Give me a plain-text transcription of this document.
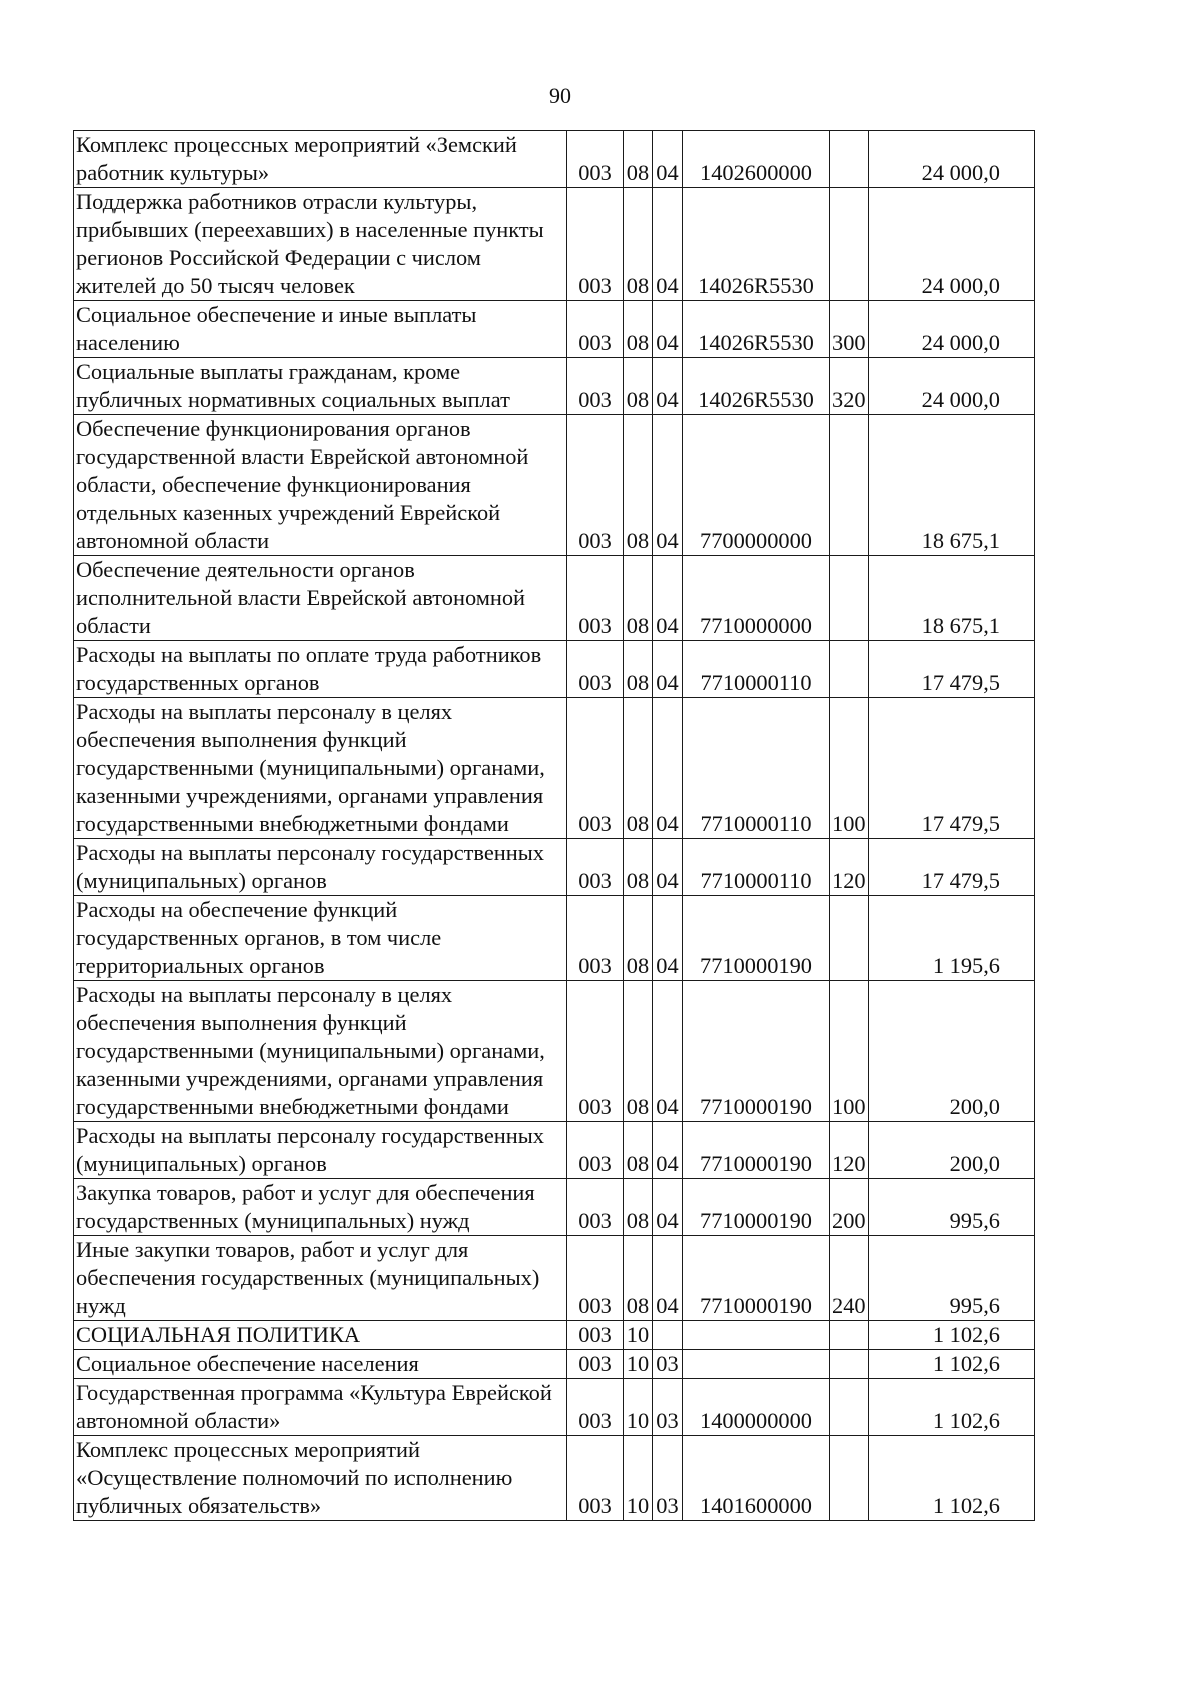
90
Комплекс процессных мероприятий «Земский работник культуры»	003	08	04	1402600000		24 000,0
Поддержка работников отрасли культуры, прибывших (переехавших) в населенные пункты регионов Российской Федерации с числом жителей до 50 тысяч человек	003	08	04	14026R5530		24 000,0
Социальное обеспечение и иные выплаты населению	003	08	04	14026R5530	300	24 000,0
Социальные выплаты гражданам, кроме публичных нормативных социальных выплат	003	08	04	14026R5530	320	24 000,0
Обеспечение функционирования органов государственной власти Еврейской автономной области, обеспечение функционирования отдельных казенных учреждений Еврейской автономной области	003	08	04	7700000000		18 675,1
Обеспечение деятельности органов исполнительной власти Еврейской автономной области	003	08	04	7710000000		18 675,1
Расходы на выплаты по оплате труда работников государственных органов	003	08	04	7710000110		17 479,5
Расходы на выплаты персоналу в целях обеспечения выполнения функций государственными (муниципальными) органами, казенными учреждениями, органами управления государственными внебюджетными фондами	003	08	04	7710000110	100	17 479,5
Расходы на выплаты персоналу государственных (муниципальных) органов	003	08	04	7710000110	120	17 479,5
Расходы на обеспечение функций государственных органов, в том числе территориальных органов	003	08	04	7710000190		1 195,6
Расходы на выплаты персоналу в целях обеспечения выполнения функций государственными (муниципальными) органами, казенными учреждениями, органами управления государственными внебюджетными фондами	003	08	04	7710000190	100	200,0
Расходы на выплаты персоналу государственных (муниципальных) органов	003	08	04	7710000190	120	200,0
Закупка товаров, работ и услуг для обеспечения государственных (муниципальных) нужд	003	08	04	7710000190	200	995,6
Иные закупки товаров, работ и услуг для обеспечения государственных (муниципальных) нужд	003	08	04	7710000190	240	995,6
СОЦИАЛЬНАЯ ПОЛИТИКА	003	10				1 102,6
Социальное обеспечение населения	003	10	03			1 102,6
Государственная программа «Культура Еврейской автономной области»	003	10	03	1400000000		1 102,6
Комплекс процессных мероприятий «Осуществление полномочий по исполнению публичных обязательств»	003	10	03	1401600000		1 102,6
